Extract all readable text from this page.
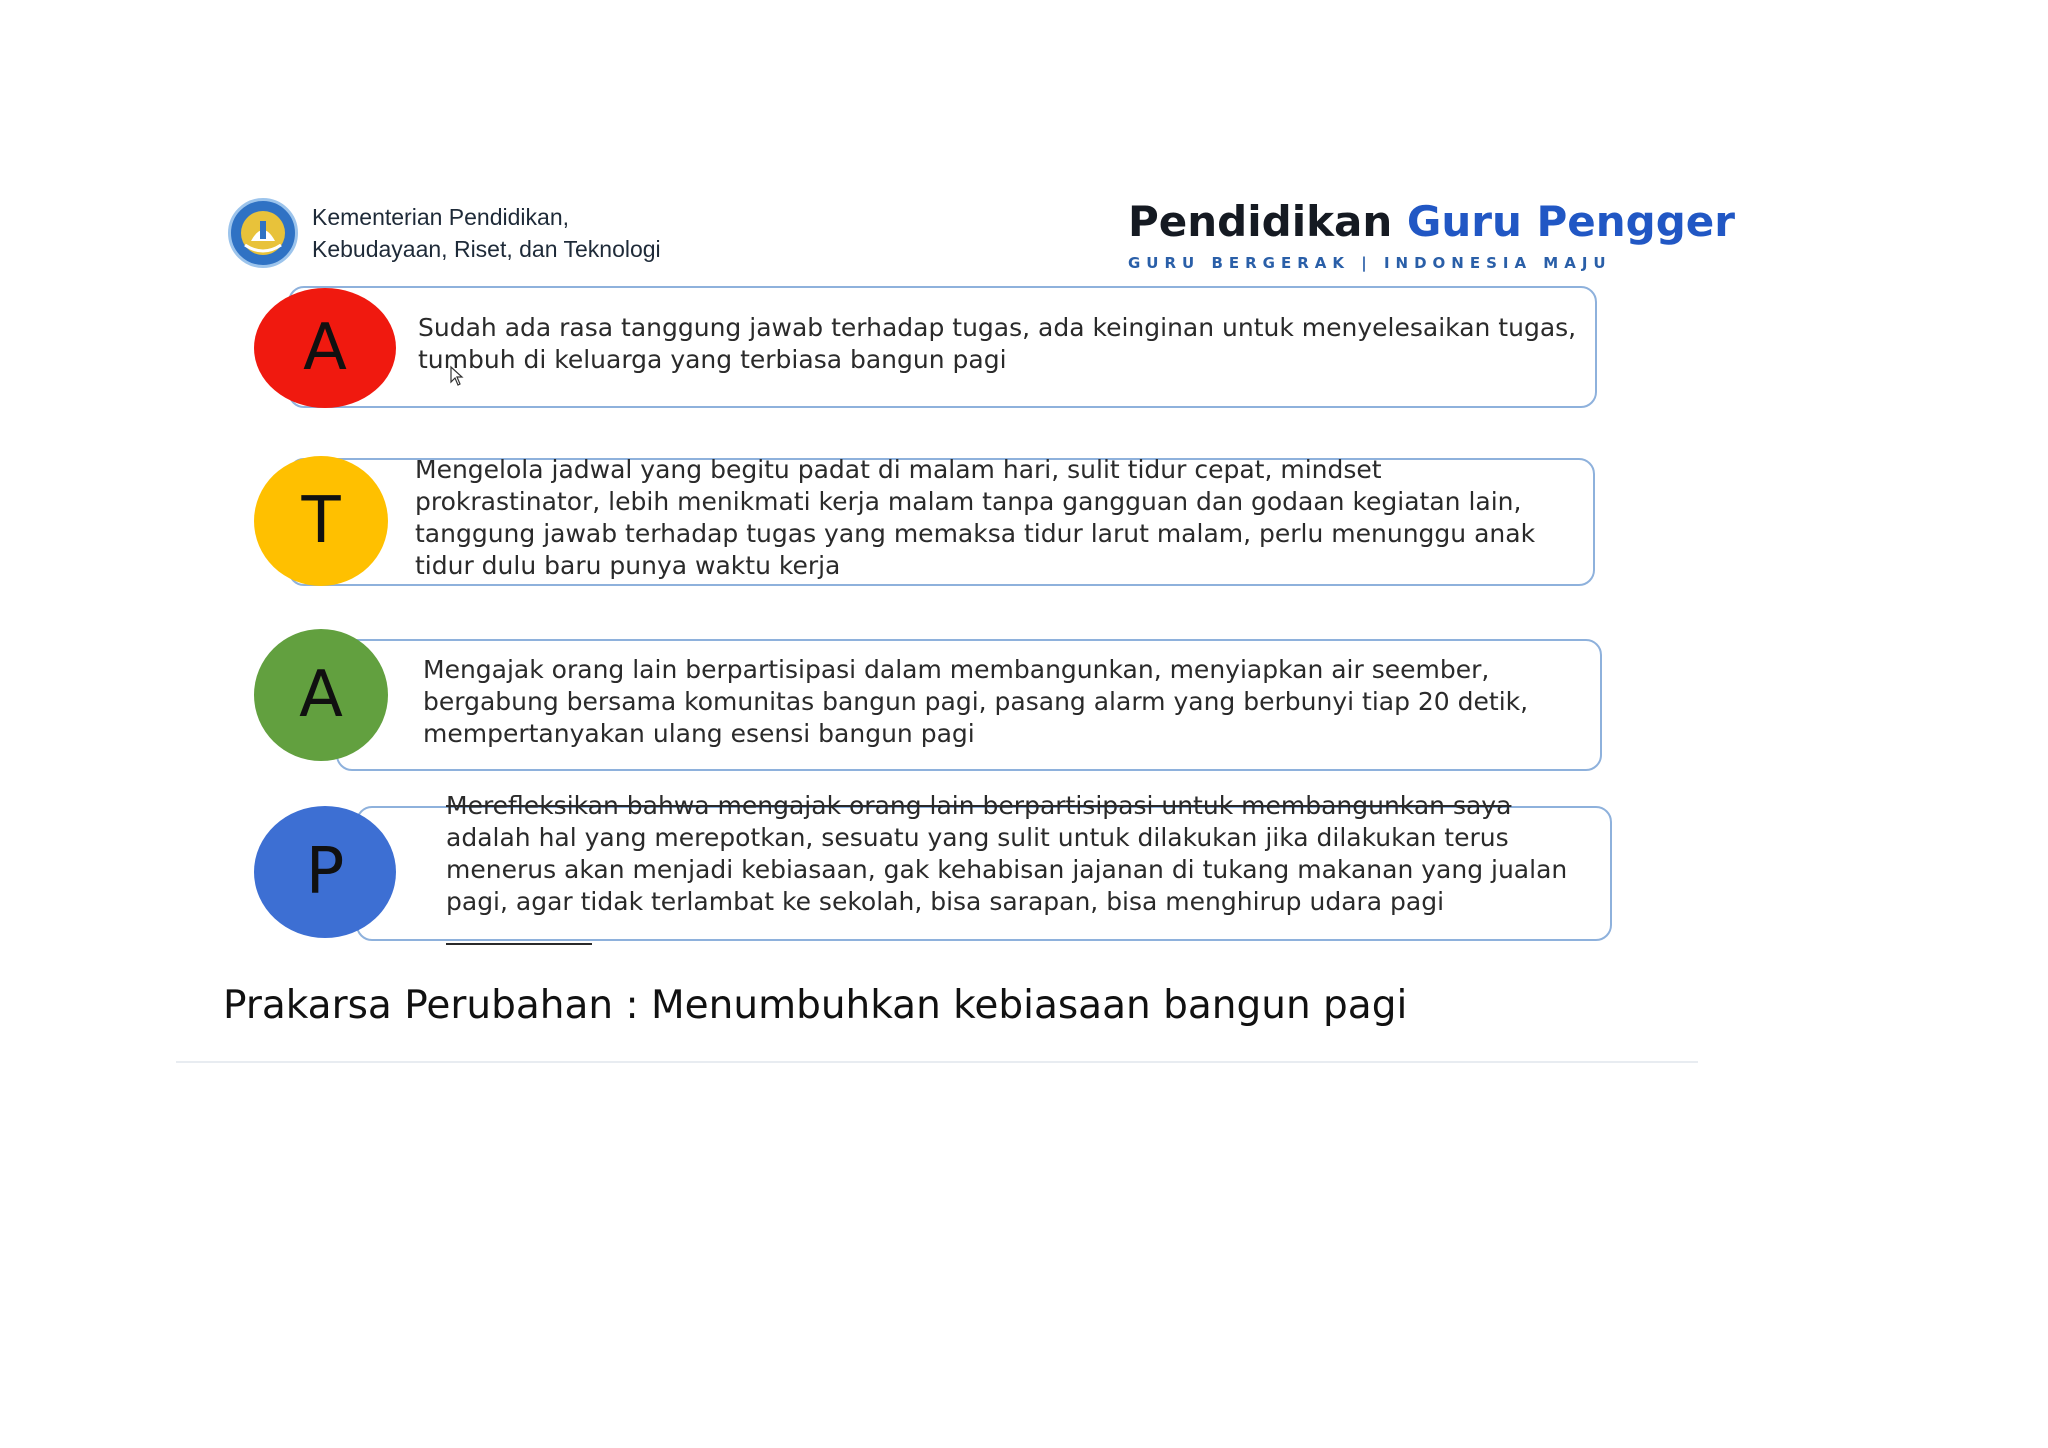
Kementerian Pendidikan,
Kebudayaan, Riset, dan Teknologi
Pendidikan Guru Pengger
GURU BERGERAK | INDONESIA MAJU
A	Sudah ada rasa tanggung jawab terhadap tugas, ada keinginan untuk menyelesaikan tugas, tumbuh di keluarga yang terbiasa bangun pagi
T
Mengelola jadwal yang begitu padat di malam hari, sulit tidur cepat, mindset prokrastinator, lebih menikmati kerja malam tanpa gangguan dan godaan kegiatan lain, tanggung jawab terhadap tugas yang memaksa tidur larut malam, perlu menunggu anak tidur dulu baru punya waktu kerja
A	Mengajak orang lain berpartisipasi dalam membangunkan, menyiapkan air seember, bergabung bersama komunitas bangun pagi, pasang alarm yang berbunyi tiap 20 detik, mempertanyakan ulang esensi bangun pagi
P
Merefleksikan bahwa mengajak orang lain berpartisipasi untuk membangunkan saya adalah hal yang merepotkan, sesuatu yang sulit untuk dilakukan jika dilakukan terus menerus akan menjadi kebiasaan, gak kehabisan jajanan di tukang makanan yang jualan pagi, agar tidak terlambat ke sekolah, bisa sarapan, bisa menghirup udara pagi
Prakarsa Perubahan : Menumbuhkan kebiasaan bangun pagi
